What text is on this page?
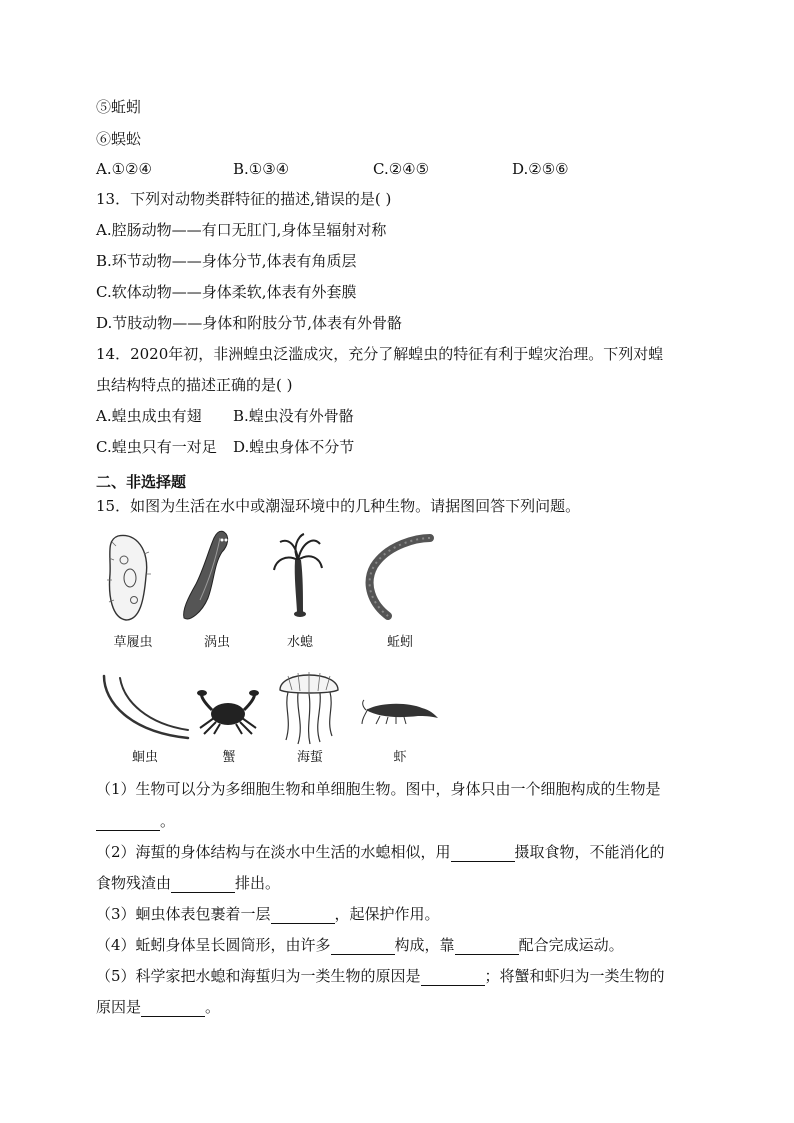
⑤蚯蚓
⑥蜈蚣
A.①②④	B.①③④	C.②④⑤	D.②⑤⑥
13．下列对动物类群特征的描述,错误的是( )
A.腔肠动物——有口无肛门,身体呈辐射对称
B.环节动物——身体分节,体表有角质层
C.软体动物——身体柔软,体表有外套膜
D.节肢动物——身体和附肢分节,体表有外骨骼
14．2020年初，非洲蝗虫泛滥成灾，充分了解蝗虫的特征有利于蝗灾治理。下列对蝗
虫结构特点的描述正确的是( )
A.蝗虫成虫有翅 B.蝗虫没有外骨骼
C.蝗虫只有一对足 D.蝗虫身体不分节
二、非选择题
15．如图为生活在水中或潮湿环境中的几种生物。请据图回答下列问题。
草履虫	涡虫	水螅	蚯蚓
蛔虫	蟹	海蜇	虾
（1）生物可以分为多细胞生物和单细胞生物。图中，身体只由一个细胞构成的生物是
。
（2）海蜇的身体结构与在淡水中生活的水螅相似，用	摄取食物，不能消化的
食物残渣由	排出。
（3）蛔虫体表包裹着一层	，起保护作用。
（4）蚯蚓身体呈长圆筒形，由许多	构成，靠	配合完成运动。
（5）科学家把水螅和海蜇归为一类生物的原因是	；将蟹和虾归为一类生物的
原因是	。
